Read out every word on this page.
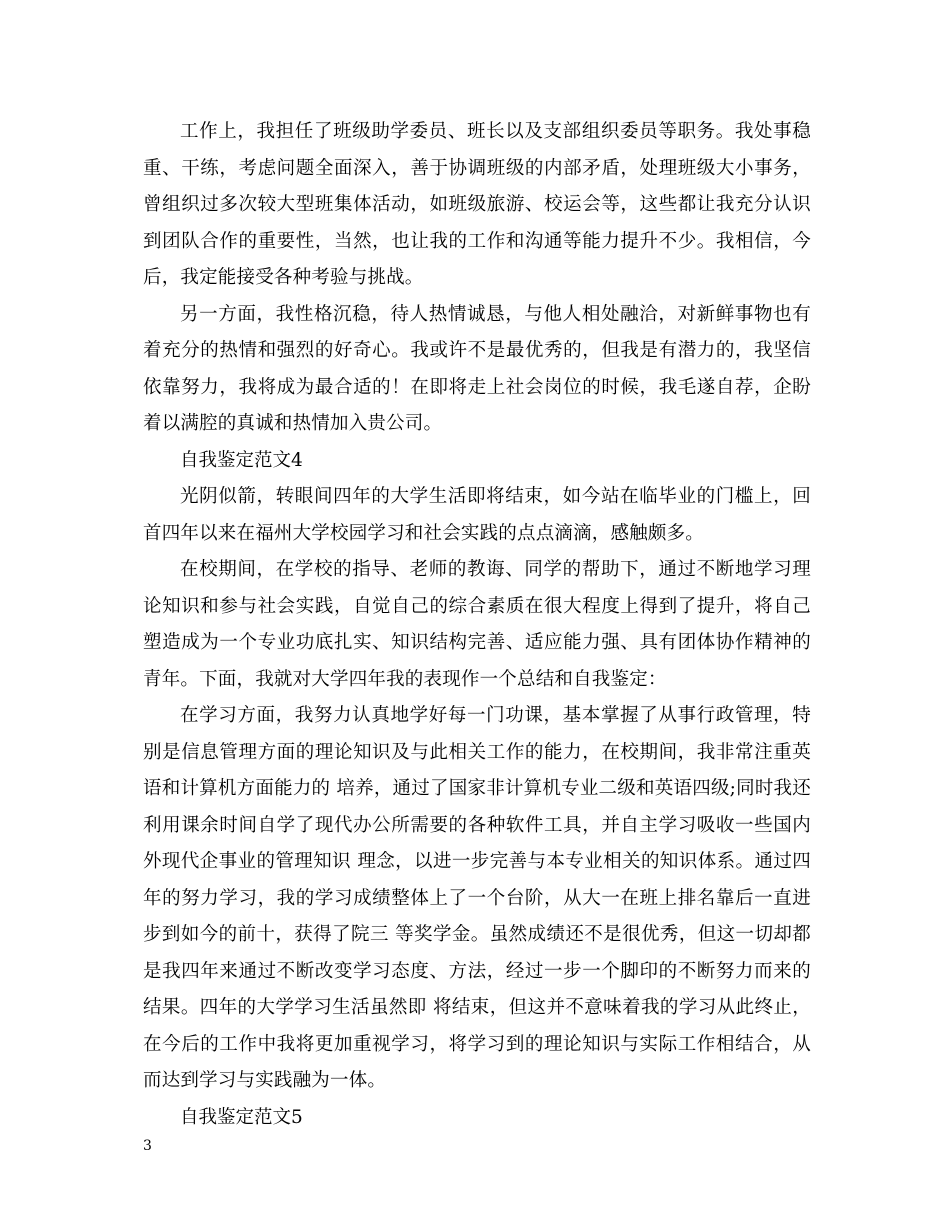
工作上，我担任了班级助学委员、班长以及支部组织委员等职务。我处事稳重、干练，考虑问题全面深入，善于协调班级的内部矛盾，处理班级大小事务，曾组织过多次较大型班集体活动，如班级旅游、校运会等，这些都让我充分认识到团队合作的重要性，当然，也让我的工作和沟通等能力提升不少。我相信，今后，我定能接受各种考验与挑战。

另一方面，我性格沉稳，待人热情诚恳，与他人相处融洽，对新鲜事物也有着充分的热情和强烈的好奇心。我或许不是最优秀的，但我是有潜力的，我坚信依靠努力，我将成为最合适的！在即将走上社会岗位的时候，我毛遂自荐，企盼着以满腔的真诚和热情加入贵公司。

自我鉴定范文4

光阴似箭，转眼间四年的大学生活即将结束，如今站在临毕业的门槛上，回首四年以来在福州大学校园学习和社会实践的点点滴滴，感触颇多。

在校期间，在学校的指导、老师的教诲、同学的帮助下，通过不断地学习理论知识和参与社会实践，自觉自己的综合素质在很大程度上得到了提升，将自己塑造成为一个专业功底扎实、知识结构完善、适应能力强、具有团体协作精神的青年。下面，我就对大学四年我的表现作一个总结和自我鉴定：

在学习方面，我努力认真地学好每一门功课，基本掌握了从事行政管理，特别是信息管理方面的理论知识及与此相关工作的能力，在校期间，我非常注重英语和计算机方面能力的 培养，通过了国家非计算机专业二级和英语四级;同时我还利用课余时间自学了现代办公所需要的各种软件工具，并自主学习吸收一些国内外现代企事业的管理知识 理念，以进一步完善与本专业相关的知识体系。通过四年的努力学习，我的学习成绩整体上了一个台阶，从大一在班上排名靠后一直进步到如今的前十，获得了院三 等奖学金。虽然成绩还不是很优秀，但这一切却都是我四年来通过不断改变学习态度、方法，经过一步一个脚印的不断努力而来的结果。四年的大学学习生活虽然即 将结束，但这并不意味着我的学习从此终止，在今后的工作中我将更加重视学习，将学习到的理论知识与实际工作相结合，从而达到学习与实践融为一体。

自我鉴定范文5

3
